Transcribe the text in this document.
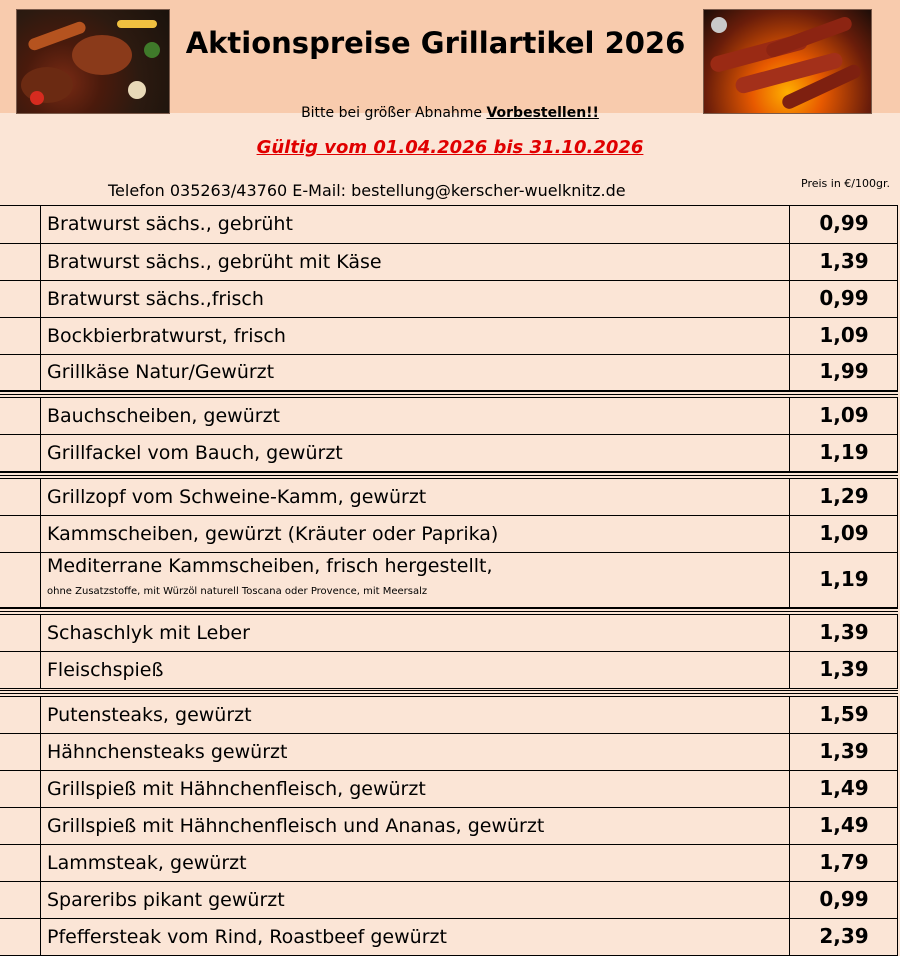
Aktionspreise Grillartikel 2026
Bitte bei größer Abnahme Vorbestellen!!
Gültig vom 01.04.2026 bis 31.10.2026
Telefon 035263/43760 E-Mail: bestellung@kerscher-wuelknitz.de	Preis in €/100gr.
Bratwurst sächs., gebrüht	0,99
Bratwurst sächs., gebrüht mit Käse	1,39
Bratwurst sächs.,frisch	0,99
Bockbierbratwurst, frisch	1,09
Grillkäse Natur/Gewürzt	1,99
Bauchscheiben, gewürzt	1,09
Grillfackel vom Bauch, gewürzt	1,19
Grillzopf vom Schweine-Kamm, gewürzt	1,29
Kammscheiben, gewürzt (Kräuter oder Paprika)	1,09
Mediterrane Kammscheiben, frisch hergestellt,
ohne Zusatzstoffe, mit Würzöl naturell Toscana oder Provence, mit Meersalz
1,19
Schaschlyk mit Leber	1,39
Fleischspieß	1,39
Putensteaks, gewürzt	1,59
Hähnchensteaks gewürzt	1,39
Grillspieß mit Hähnchenfleisch, gewürzt	1,49
Grillspieß mit Hähnchenfleisch und Ananas, gewürzt	1,49
Lammsteak, gewürzt	1,79
Spareribs pikant gewürzt	0,99
Pfeffersteak vom Rind, Roastbeef gewürzt	2,39
